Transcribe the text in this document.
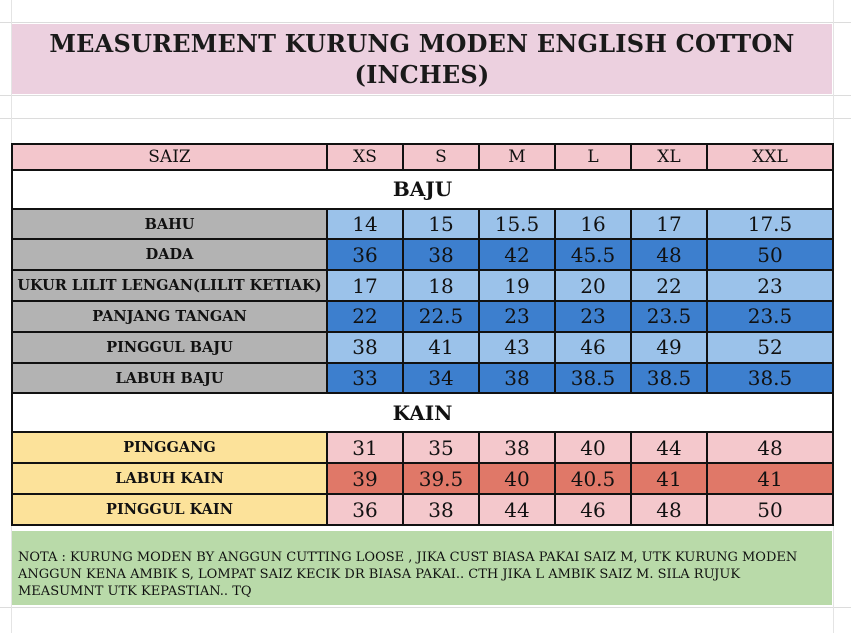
MEASUREMENT KURUNG MODEN ENGLISH COTTON
(INCHES)
SAIZ	XS	S	M	L	XL	XXL
BAJU						
BAHU	14	15	15.5	16	17	17.5
DADA	36	38	42	45.5	48	50
UKUR LILIT LENGAN(LILIT KETIAK)	17	18	19	20	22	23
PANJANG TANGAN	22	22.5	23	23	23.5	23.5
PINGGUL BAJU	38	41	43	46	49	52
LABUH BAJU	33	34	38	38.5	38.5	38.5
KAIN						
PINGGANG	31	35	38	40	44	48
LABUH KAIN	39	39.5	40	40.5	41	41
PINGGUL KAIN	36	38	44	46	48	50
NOTA : KURUNG MODEN BY ANGGUN CUTTING LOOSE , JIKA CUST BIASA PAKAI SAIZ M, UTK KURUNG MODEN
ANGGUN KENA AMBIK S, LOMPAT SAIZ KECIK DR BIASA PAKAI.. CTH JIKA L AMBIK SAIZ M. SILA RUJUK
MEASUMNT UTK KEPASTIAN.. TQ
